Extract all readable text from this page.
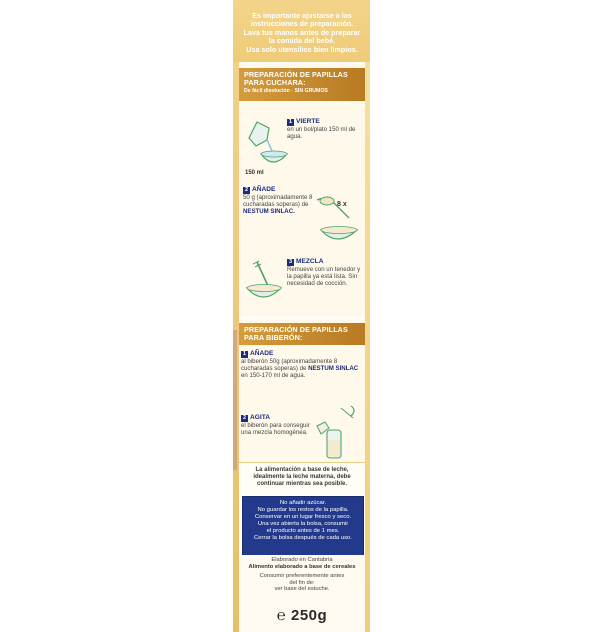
Es importante ajustarse a las
instrucciones de preparación.
Lava tus manos antes de preparar
la comida del bebé.
Usa solo utensilios bien limpios.
PREPARACIÓN DE PAPILLAS
PARA CUCHARA:
De fácil disolución · SIN GRUMOS
150 ml
1 VIERTE
en un bol/plato 150 ml de agua.
2 AÑADE
50 g (aproximadamente 8 cucharadas soperas) de NESTUM SINLAC.
8 x
3 MEZCLA
Remueve con un tenedor y la papilla ya está lista. Sin necesidad de cocción.
PREPARACIÓN DE PAPILLAS
PARA BIBERÓN:
1 AÑADE
al biberón 50g (aproximadamente 8 cucharadas soperas) de NESTUM SINLAC en 150-170 ml de agua.
2 AGITA
el biberón para conseguir una mezcla homogénea.
La alimentación a base de leche,
idealmente la leche materna, debe
continuar mientras sea posible.
No añadir azúcar.
No guardar los restos de la papilla.
Conservar en un lugar fresco y seco.
Una vez abierta la bolsa, consumir
el producto antes de 1 mes.
Cerrar la bolsa después de cada uso.
Elaborado en Cantabria
Alimento elaborado a base de cereales
Consumir preferentemente antes
del fin de:
ver base del estuche.
℮ 250g
